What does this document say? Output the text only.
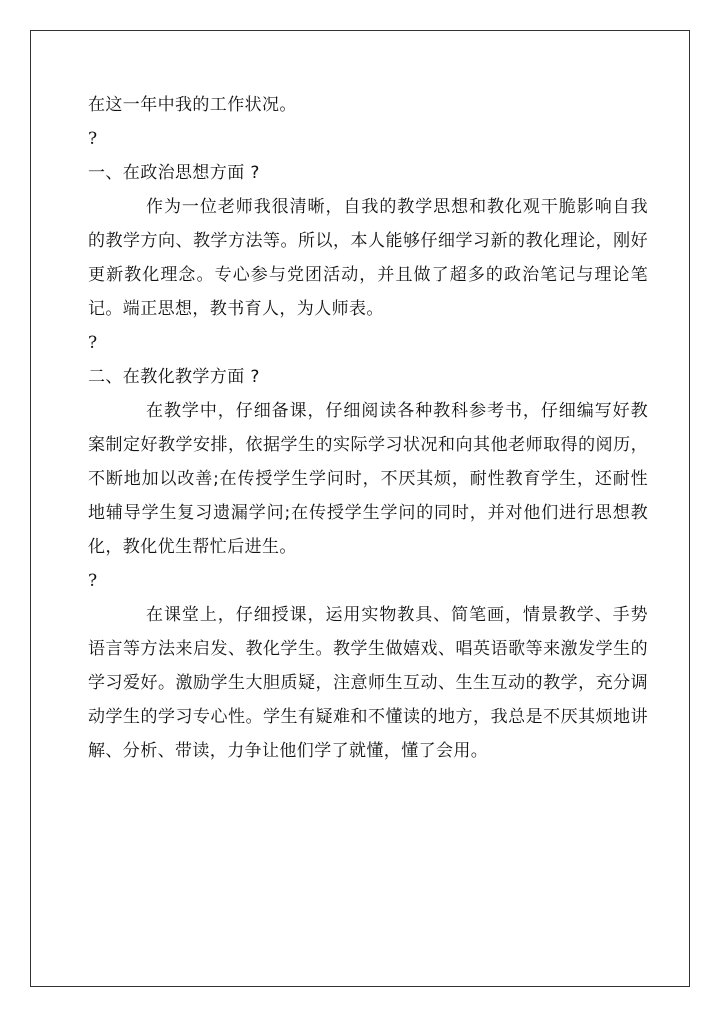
在这一年中我的工作状况。

?

一、在政治思想方面 ?

作为一位老师我很清晰，自我的教学思想和教化观干脆影响自我的教学方向、教学方法等。所以，本人能够仔细学习新的教化理论，刚好更新教化理念。专心参与党团活动，并且做了超多的政治笔记与理论笔记。端正思想，教书育人，为人师表。

?

二、在教化教学方面 ?

在教学中，仔细备课，仔细阅读各种教科参考书，仔细编写好教案制定好教学安排，依据学生的实际学习状况和向其他老师取得的阅历，不断地加以改善;在传授学生学问时，不厌其烦，耐性教育学生，还耐性地辅导学生复习遗漏学问;在传授学生学问的同时，并对他们进行思想教化，教化优生帮忙后进生。

?

在课堂上，仔细授课，运用实物教具、简笔画，情景教学、手势语言等方法来启发、教化学生。教学生做嬉戏、唱英语歌等来激发学生的学习爱好。激励学生大胆质疑，注意师生互动、生生互动的教学，充分调动学生的学习专心性。学生有疑难和不懂读的地方，我总是不厌其烦地讲解、分析、带读，力争让他们学了就懂，懂了会用。
